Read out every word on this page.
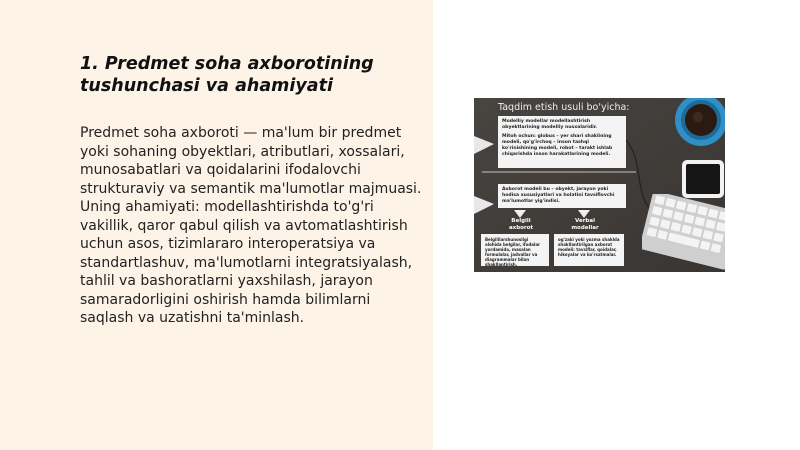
1. Predmet soha axborotining
tushunchasi va ahamiyati

Predmet soha axboroti — ma'lum bir predmet yoki sohaning obyektlari, atributlari, xossalari, munosabatlari va qoidalarini ifodalovchi strukturaviy va semantik ma'lumotlar majmuasi. Uning ahamiyati: modellashtirishda to'g'ri vakillik, qaror qabul qilish va avtomatlashtirish uchun asos, tizimlararo interoperatsiya va standartlashuv, ma'lumotlarni integratsiyalash, tahlil va bashoratlarni yaxshilash, jarayon samaradorligini oshirish hamda bilimlarni saqlash va uzatishni ta'minlash.

Taqdim etish usuli bo'yicha:

Modelliy modellar modellashtirish obyektlarining modelliy nusxalaridir.

Mitoh ochun: globus – yer shari shaklining modeli, qo'g'irchoq – inson tashqi ko'rinishining modeli, robot – tarakt ishlab chiqarishda inson harakatlarining modeli.

Axborot modeli bu – obyekt, jarayon yoki hodisa xususiyatlari va holatini tavsiflovchi ma'lumotlar yig'indisi.
Belgili axborot
Verbal modellar
Belgililarshunosligi alohida belgilar, ifodalar yordamida, masalan formulalar, jadvallar va diagrammalar bilan shakllantirish.
og'zaki yoki yozma shaklda shakllantirilgan axborot modeli: tavsiflar, qoidalar, hikoyalar va ko'rsatmalar.
